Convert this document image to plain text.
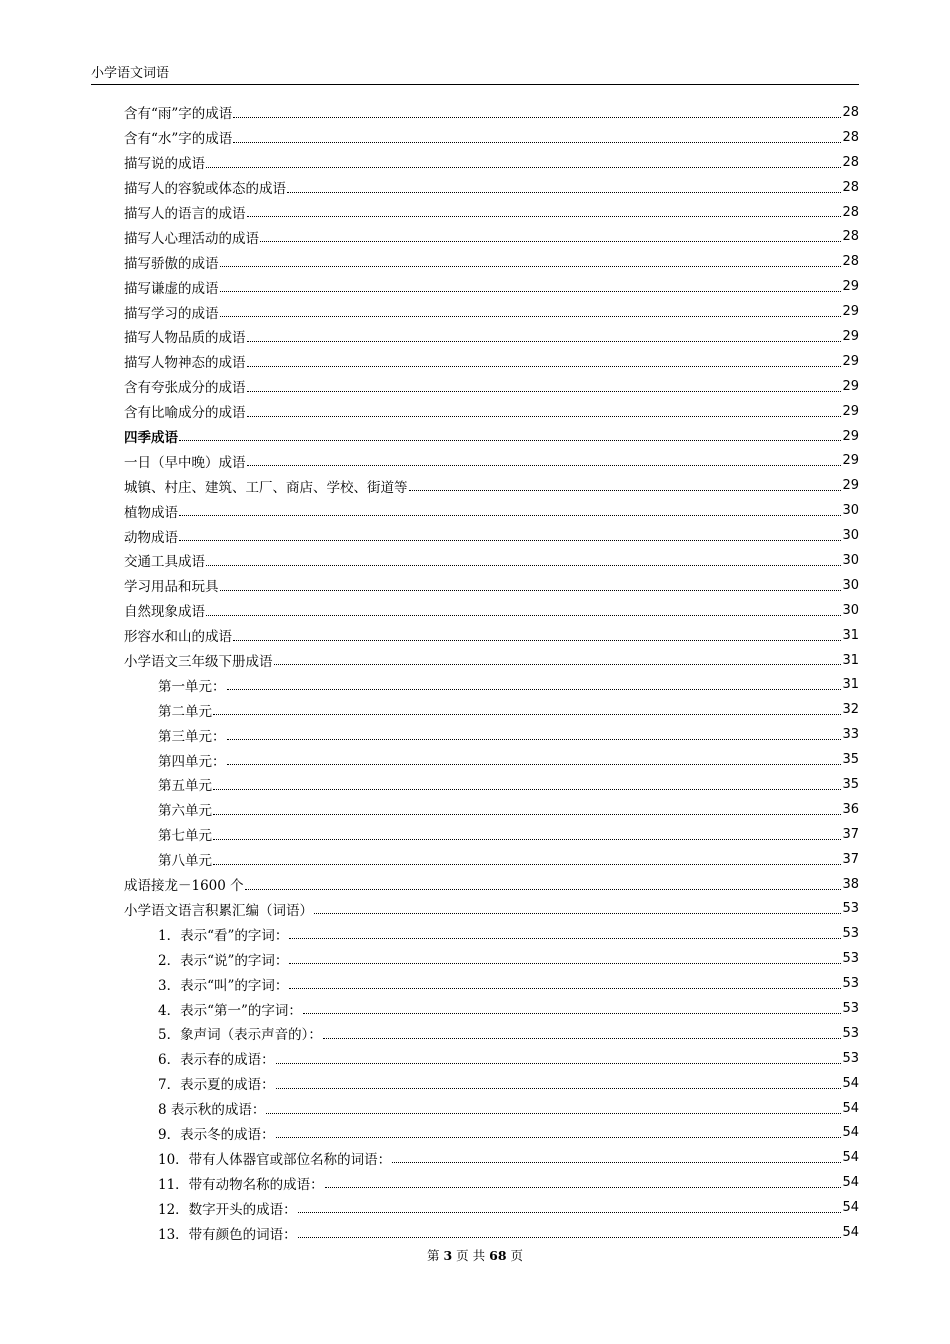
小学语文词语
含有“雨”字的成语	28
含有“水”字的成语	28
描写说的成语	28
描写人的容貌或体态的成语	28
描写人的语言的成语	28
描写人心理活动的成语	28
描写骄傲的成语	28
描写谦虚的成语	29
描写学习的成语	29
描写人物品质的成语	29
描写人物神态的成语	29
含有夸张成分的成语	29
含有比喻成分的成语	29
四季成语	29
一日（早中晚）成语	29
城镇、村庄、建筑、工厂、商店、学校、街道等	29
植物成语	30
动物成语	30
交通工具成语	30
学习用品和玩具	30
自然现象成语	30
形容水和山的成语	31
小学语文三年级下册成语	31
第一单元：	31
第二单元	32
第三单元：	33
第四单元：	35
第五单元	35
第六单元	36
第七单元	37
第八单元	37
成语接龙－1600 个	38
小学语文语言积累汇编（词语）	53
1．表示“看”的字词：	53
2．表示“说”的字词：	53
3．表示“叫”的字词：	53
4．表示“第一”的字词：	53
5．象声词（表示声音的）：	53
6．表示春的成语：	53
7．表示夏的成语：	54
8 表示秋的成语：	54
9．表示冬的成语：	54
10．带有人体器官或部位名称的词语：	54
11．带有动物名称的成语：	54
12．数字开头的成语：	54
13．带有颜色的词语：	54
第 3 页 共 68 页
